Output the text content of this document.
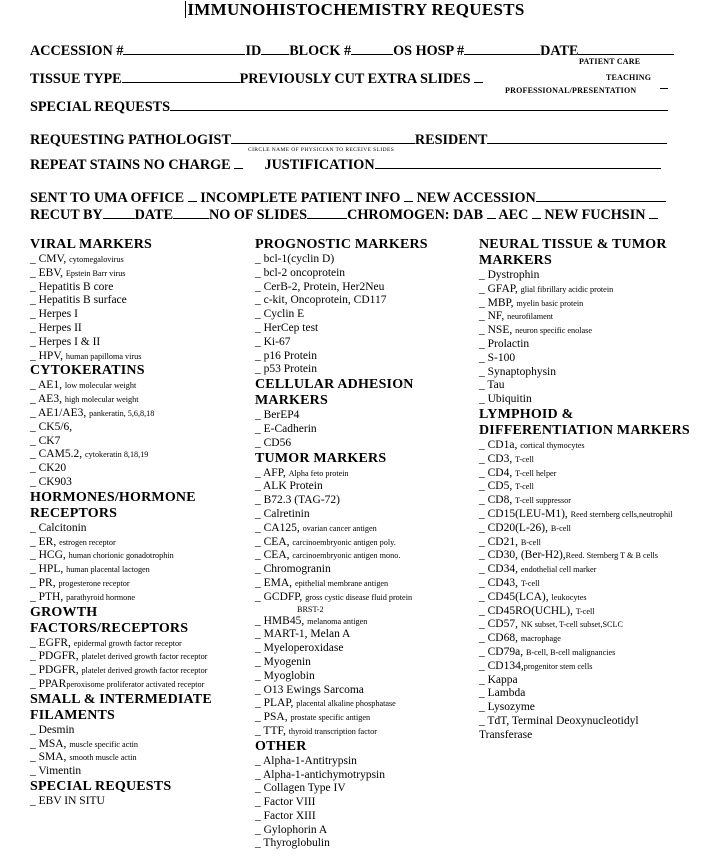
IMMUNOHISTOCHEMISTRY REQUESTS
ACCESSION #	ID BLOCK #	OS HOSP #	DATE
PATIENT CARE
TISSUE TYPE	PREVIOUSLY CUT EXTRA SLIDES	TEACHING
PROFESSIONAL/PRESENTATION
SPECIAL REQUESTS
REQUESTING PATHOLOGIST	RESIDENT
CIRCLE NAME OF PHYSICIAN TO RECEIVE SLIDES
REPEAT STAINS NO CHARGE JUSTIFICATION
SENT TO UMA OFFICE INCOMPLETE PATIENT INFO NEW ACCESSION
RECUT BY DATE	NO OF SLIDES	CHROMOGEN: DAB AEC NEW FUCHSIN
VIRAL MARKERS
_ CMV, cytomegalovirus
_ EBV, Epstein Barr virus
_ Hepatitis B core
_ Hepatitis B surface
_ Herpes I
_ Herpes II
_ Herpes I & II
_ HPV, human papilloma virus
CYTOKERATINS
_ AE1, low molecular weight
_ AE3, high molecular weight
_ AE1/AE3, pankeratin, 5,6,8,18
_ CK5/6,
_ CK7
_ CAM5.2, cytokeratin 8,18,19
_ CK20
_ CK903
HORMONES/HORMONE
RECEPTORS
_ Calcitonin
_ ER, estrogen receptor
_ HCG, human chorionic gonadotrophin
_ HPL, human placental lactogen
_ PR, progesterone receptor
_ PTH, parathyroid hormone
GROWTH
FACTORS/RECEPTORS
_ EGFR, epidermal growth factor receptor
_ PDGFR, platelet derived growth factor receptor
_ PDGFR, platelet derived growth factor receptor
_ PPARperoxisome proliferator activated receptor
SMALL & INTERMEDIATE
FILAMENTS
_ Desmin
_ MSA, muscle specific actin
_ SMA, smooth muscle actin
_ Vimentin
SPECIAL REQUESTS
_ EBV IN SITU
PROGNOSTIC MARKERS
_ bcl-1(cyclin D)
_ bcl-2 oncoprotein
_ CerB-2, Protein, Her2Neu
_ c-kit, Oncoprotein, CD117
_ Cyclin E
_ HerCep test
_ Ki-67
_ p16 Protein
_ p53 Protein
CELLULAR ADHESION
MARKERS
_ BerEP4
_ E-Cadherin
_ CD56
TUMOR MARKERS
_ AFP, Alpha feto protein
_ ALK Protein
_ B72.3 (TAG-72)
_ Calretinin
_ CA125, ovarian cancer antigen
_ CEA, carcinoembryonic antigen poly.
_ CEA, carcinoembryonic antigen mono.
_ Chromogranin
_ EMA, epithelial membrane antigen
_ GCDFP, gross cystic disease fluid protein
BRST-2
_ HMB45, melanoma antigen
_ MART-1, Melan A
_ Myeloperoxidase
_ Myogenin
_ Myoglobin
_ O13 Ewings Sarcoma
_ PLAP, placental alkaline phosphatase
_ PSA, prostate specific antigen
_ TTF, thyroid transcription factor
OTHER
_ Alpha-1-Antitrypsin
_ Alpha-1-antichymotrypsin
_ Collagen Type IV
_ Factor VIII
_ Factor XIII
_ Gylophorin A
_ Thyroglobulin
NEURAL TISSUE & TUMOR
MARKERS
_ Dystrophin
_ GFAP, glial fibrillary acidic protein
_ MBP, myelin basic protein
_ NF, neurofilament
_ NSE, neuron specific enolase
_ Prolactin
_ S-100
_ Synaptophysin
_ Tau
_ Ubiquitin
LYMPHOID &
DIFFERENTIATION MARKERS
_ CD1a, cortical thymocytes
_ CD3, T-cell
_ CD4, T-cell helper
_ CD5, T-cell
_ CD8, T-cell suppressor
_ CD15(LEU-M1), Reed sternberg cells,neutrophil
_ CD20(L-26), B-cell
_ CD21, B-cell
_ CD30, (Ber-H2),Reed. Sternberg T & B cells
_ CD34, endothelial cell marker
_ CD43, T-cell
_ CD45(LCA), leukocytes
_ CD45RO(UCHL), T-cell
_ CD57, NK subset, T-cell subset,SCLC
_ CD68, macrophage
_ CD79a, B-cell, B-cell malignancies
_ CD134,progenitor stem cells
_ Kappa
_ Lambda
_ Lysozyme
_ TdT, Terminal Deoxynucleotidyl
Transferase
